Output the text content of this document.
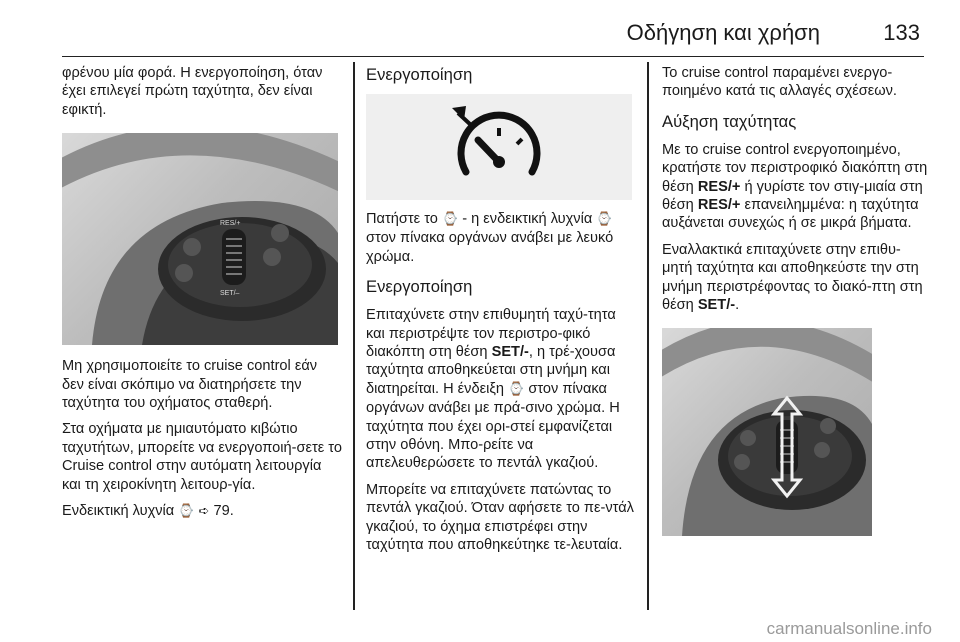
Οδήγηση και χρήση	133

φρένου μία φορά. Η ενεργοποίηση, όταν έχει επιλεγεί πρώτη ταχύτητα, δεν είναι εφικτή.

RES/+
SET/–

Μη χρησιμοποιείτε το cruise control εάν δεν είναι σκόπιμο να διατηρήσετε την ταχύτητα του οχήματος σταθερή.

Στα οχήματα με ημιαυτόματο κιβώτιο ταχυτήτων, μπορείτε να ενεργοποιή-σετε το Cruise control στην αυτόματη λειτουργία και τη χειροκίνητη λειτουρ-γία.

Ενδεικτική λυχνία ⌚ ➪ 79.

Ενεργοποίηση

Πατήστε το ⌚ - η ενδεικτική λυχνία ⌚ στον πίνακα οργάνων ανάβει με λευκό χρώμα.

Ενεργοποίηση

Επιταχύνετε στην επιθυμητή ταχύ-τητα και περιστρέψτε τον περιστρο-φικό διακόπτη στη θέση SET/-, η τρέ-χουσα ταχύτητα αποθηκεύεται στη μνήμη και διατηρείται. Η ένδειξη ⌚ στον πίνακα οργάνων ανάβει με πρά-σινο χρώμα. Η ταχύτητα που έχει ορι-στεί εμφανίζεται στην οθόνη. Μπο-ρείτε να απελευθερώσετε το πεντάλ γκαζιού.

Μπορείτε να επιταχύνετε πατώντας το πεντάλ γκαζιού. Όταν αφήσετε το πε-ντάλ γκαζιού, το όχημα επιστρέφει στην ταχύτητα που αποθηκεύτηκε τε-λευταία.

Το cruise control παραμένει ενεργο-ποιημένο κατά τις αλλαγές σχέσεων.

Αύξηση ταχύτητας

Με το cruise control ενεργοποιημένο, κρατήστε τον περιστροφικό διακόπτη στη θέση RES/+ ή γυρίστε τον στιγ-μιαία στη θέση RES/+ επανειλημμένα: η ταχύτητα αυξάνεται συνεχώς ή σε μικρά βήματα.

Εναλλακτικά επιταχύνετε στην επιθυ-μητή ταχύτητα και αποθηκεύστε την στη μνήμη περιστρέφοντας το διακό-πτη στη θέση SET/-.

carmanualsonline.info
